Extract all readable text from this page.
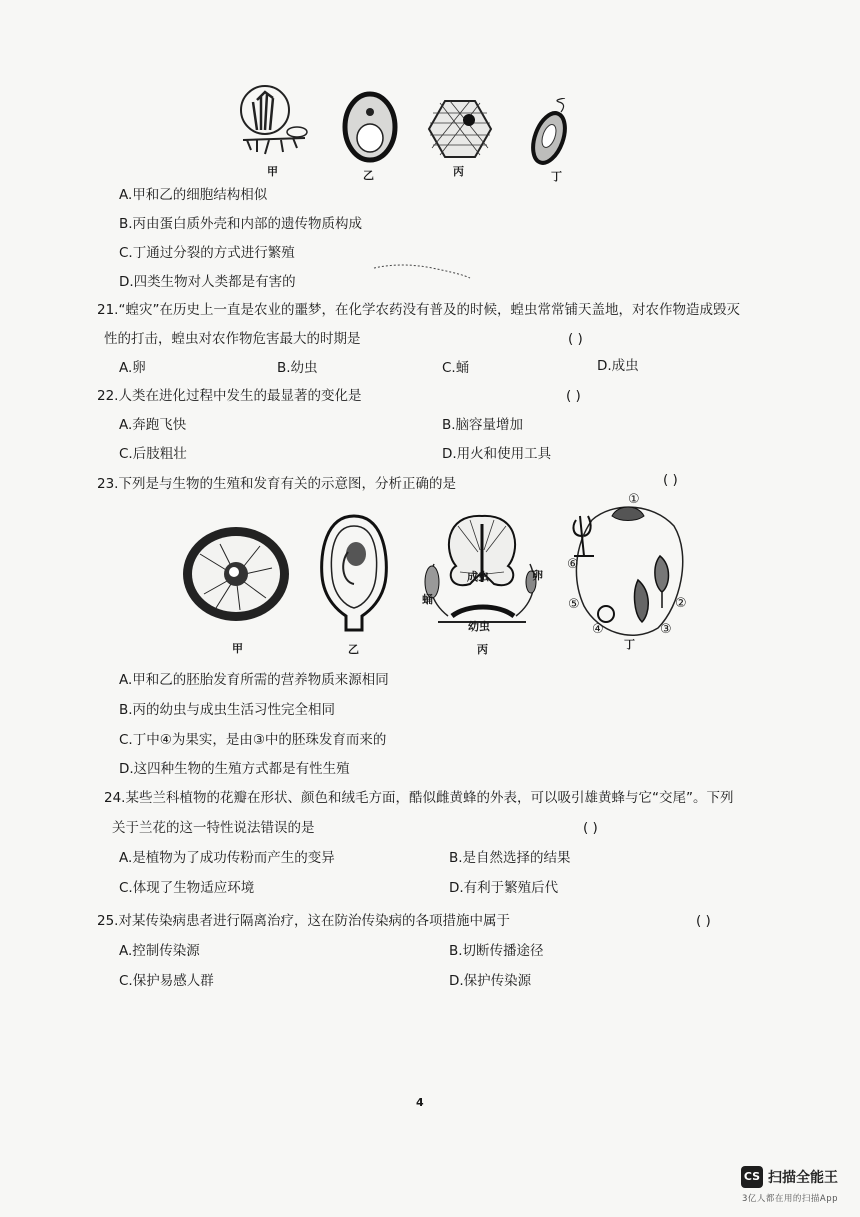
甲	乙	丙	丁
A.甲和乙的细胞结构相似
B.丙由蛋白质外壳和内部的遗传物质构成
C.丁通过分裂的方式进行繁殖
D.四类生物对人类都是有害的
21.“蝗灾”在历史上一直是农业的噩梦，在化学农药没有普及的时候，蝗虫常常铺天盖地，对农作物造成毁灭
性的打击，蝗虫对农作物危害最大的时期是	( )
A.卵	B.幼虫	C.蛹	D.成虫
22.人类在进化过程中发生的最显著的变化是	( )
A.奔跑飞快	B.脑容量增加
C.后肢粗壮	D.用火和使用工具
23.下列是与生物的生殖和发育有关的示意图，分析正确的是	( )
甲	乙
成虫	卵
蛹
幼虫
丙
①
②
③
④
⑤
⑥
丁
A.甲和乙的胚胎发育所需的营养物质来源相同
B.丙的幼虫与成虫生活习性完全相同
C.丁中④为果实，是由③中的胚珠发育而来的
D.这四种生物的生殖方式都是有性生殖
24.某些兰科植物的花瓣在形状、颜色和绒毛方面，酷似雌黄蜂的外表，可以吸引雄黄蜂与它“交尾”。下列
关于兰花的这一特性说法错误的是	( )
A.是植物为了成功传粉而产生的变异	B.是自然选择的结果
C.体现了生物适应环境	D.有利于繁殖后代
25.对某传染病患者进行隔离治疗，这在防治传染病的各项措施中属于	( )
A.控制传染源	B.切断传播途径
C.保护易感人群	D.保护传染源
4
CS 扫描全能王
3亿人都在用的扫描App
